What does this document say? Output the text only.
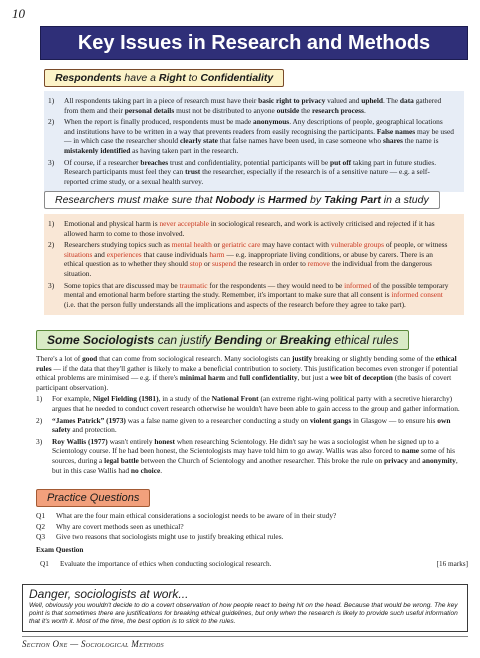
10
Key Issues in Research and Methods
Respondents have a Right to Confidentiality
1)	All respondents taking part in a piece of research must have their basic right to privacy valued and upheld. The data gathered from them and their personal details must not be distributed to anyone outside the research process.
2)	When the report is finally produced, respondents must be made anonymous. Any descriptions of people, geographical locations and institutions have to be written in a way that prevents readers from easily recognising the participants. False names may be used — in which case the researcher should clearly state that false names have been used, in case someone who shares the name is mistakenly identified as having taken part in the research.
3)	Of course, if a researcher breaches trust and confidentiality, potential participants will be put off taking part in future studies. Research participants must feel they can trust the researcher, especially if the research is of a sensitive nature — e.g. a self-reported crime study, or a sexual health survey.
Researchers must make sure that Nobody is Harmed by Taking Part in a study
1)	Emotional and physical harm is never acceptable in sociological research, and work is actively criticised and rejected if it has allowed harm to come to those involved.
2)	Researchers studying topics such as mental health or geriatric care may have contact with vulnerable groups of people, or witness situations and experiences that cause individuals harm — e.g. inappropriate living conditions, or abuse by carers. There is an ethical question as to whether they should stop or suspend the research in order to remove the individual from the dangerous situation.
3)	Some topics that are discussed may be traumatic for the respondents — they would need to be informed of the possible temporary mental and emotional harm before starting the study. Remember, it's important to make sure that all consent is informed consent (i.e. that the person fully understands all the implications and aspects of the research before they agree to take part).
Some Sociologists can justify Bending or Breaking ethical rules
There's a lot of good that can come from sociological research. Many sociologists can justify breaking or slightly bending some of the ethical rules — if the data that they'll gather is likely to make a beneficial contribution to society. This justification becomes even stronger if potential ethical problems are minimised — e.g. if there's minimal harm and full confidentiality, but just a wee bit of deception (the basis of covert participant observation).
1)	For example, Nigel Fielding (1981), in a study of the National Front (an extreme right-wing political party with a secretive hierarchy) argues that he needed to conduct covert research otherwise he wouldn't have been able to gain access to the group and gather information.
2)	“James Patrick” (1973) was a false name given to a researcher conducting a study on violent gangs in Glasgow — to ensure his own safety and protection.
3)	Roy Wallis (1977) wasn't entirely honest when researching Scientology. He didn't say he was a sociologist when he signed up to a Scientology course. If he had been honest, the Scientologists may have told him to go away. Wallis was also forced to name some of his sources, during a legal battle between the Church of Scientology and another researcher. This broke the rule on privacy and anonymity, but in this case Wallis had no choice.
Practice Questions
Q1	What are the four main ethical considerations a sociologist needs to be aware of in their study?
Q2	Why are covert methods seen as unethical?
Q3	Give two reasons that sociologists might use to justify breaking ethical rules.
Exam Question
Q1 Evaluate the importance of ethics when conducting sociological research.	[16 marks]
Danger, sociologists at work...
Well, obviously you wouldn't decide to do a covert observation of how people react to being hit on the head. Because that would be wrong. The key point is that sometimes there are justifications for breaking ethical guidelines, but only when the research is likely to provide such useful information that it's worth it. Most of the time, the best option is to stick to the rules.
Section One — Sociological Methods
